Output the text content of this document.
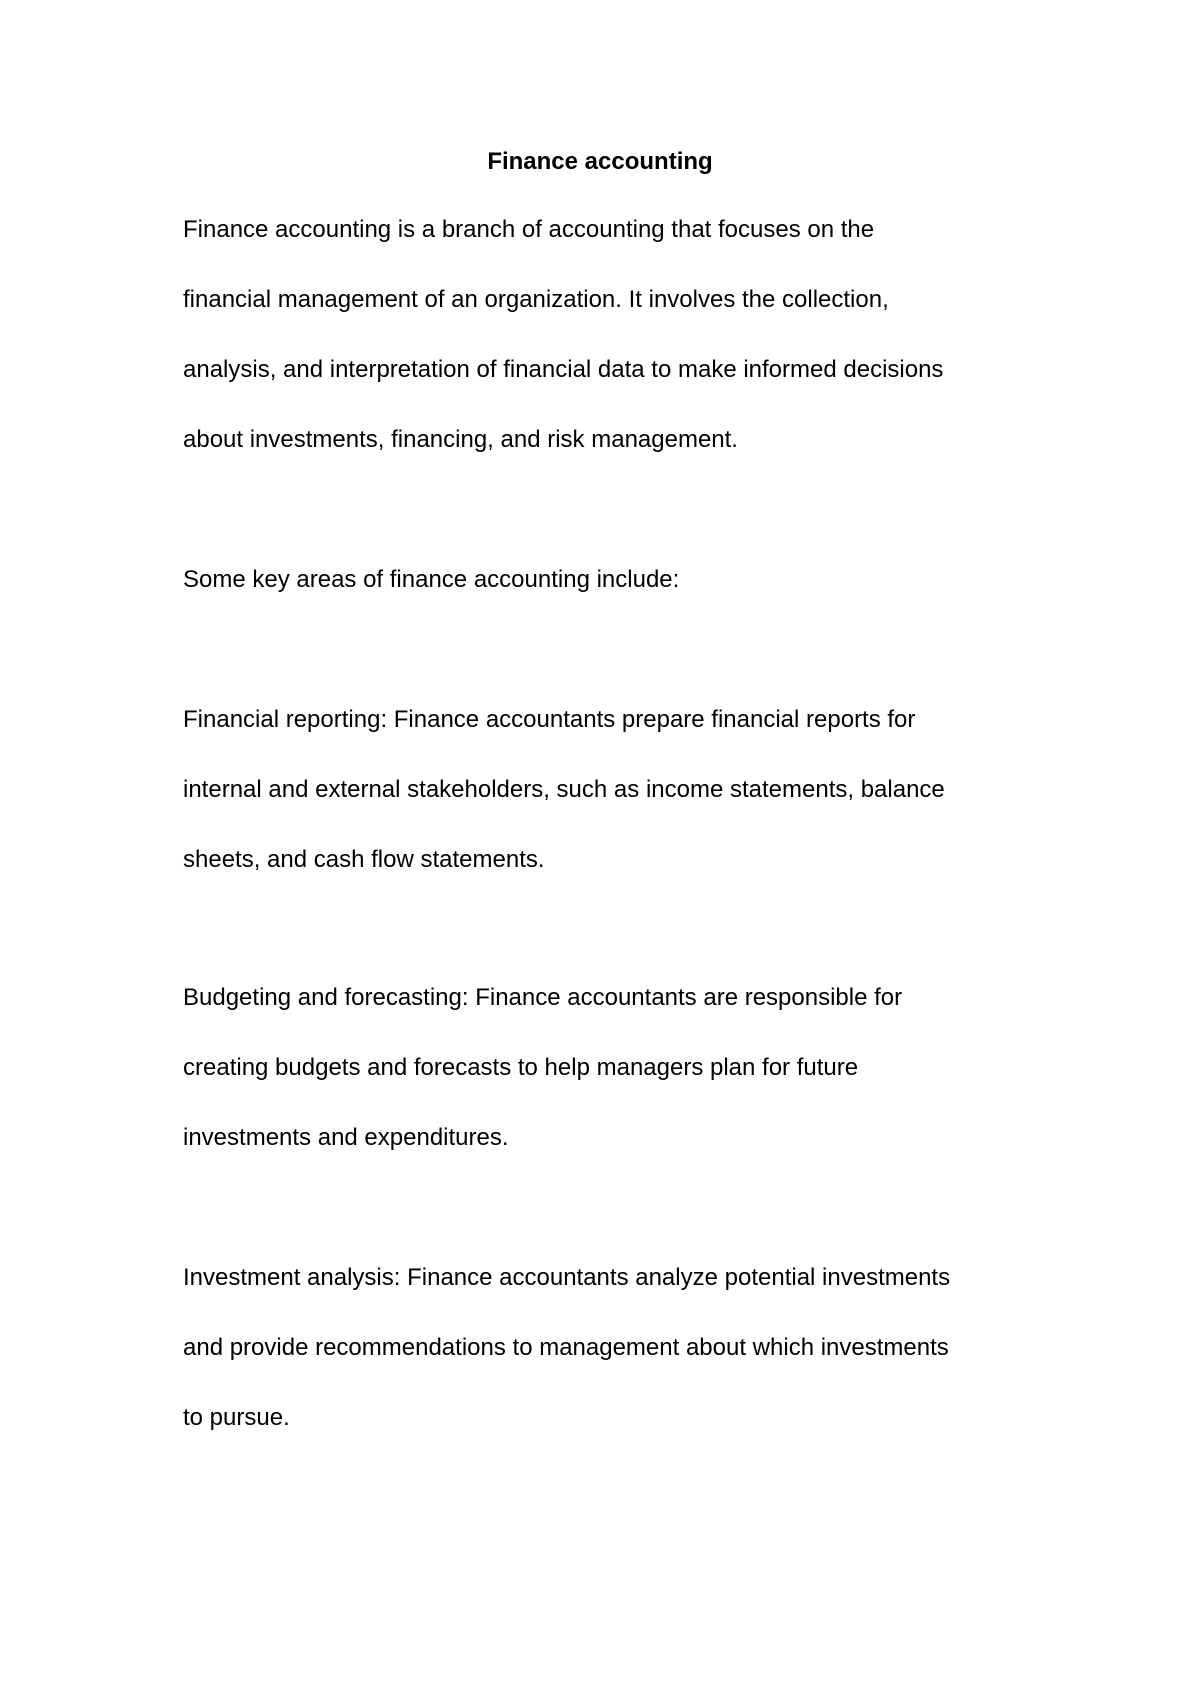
Finance accounting
Finance accounting is a branch of accounting that focuses on the
financial management of an organization. It involves the collection,
analysis, and interpretation of financial data to make informed decisions
about investments, financing, and risk management.
Some key areas of finance accounting include:
Financial reporting: Finance accountants prepare financial reports for
internal and external stakeholders, such as income statements, balance
sheets, and cash flow statements.
Budgeting and forecasting: Finance accountants are responsible for
creating budgets and forecasts to help managers plan for future
investments and expenditures.
Investment analysis: Finance accountants analyze potential investments
and provide recommendations to management about which investments
to pursue.
